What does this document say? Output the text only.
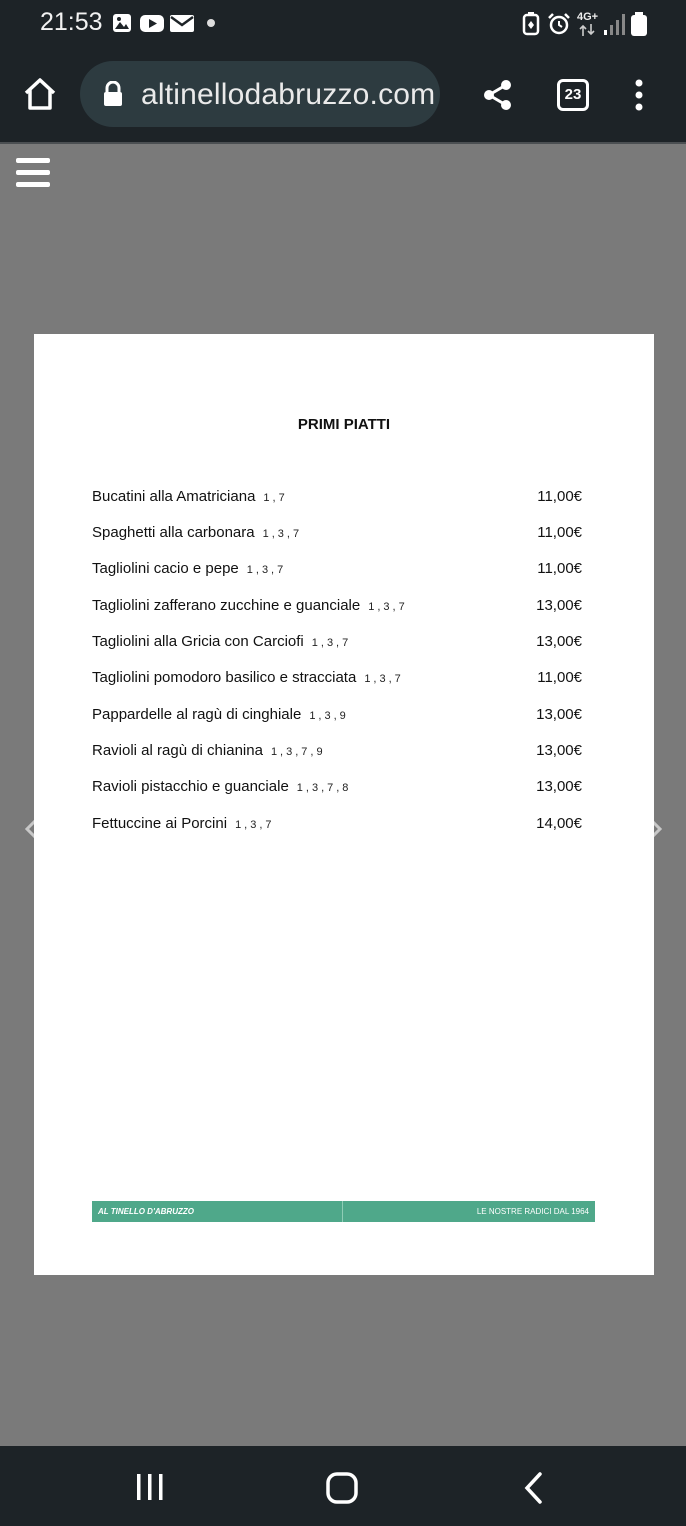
21:53	4G+
altinellodabruzzo.com	23
PRIMI PIATTI
Bucatini alla Amatriciana 1,7	11,00€
Spaghetti alla carbonara 1,3,7	11,00€
Tagliolini cacio e pepe 1,3,7	11,00€
Tagliolini zafferano zucchine e guanciale 1,3,7	13,00€
Tagliolini alla Gricia con Carciofi 1,3,7	13,00€
Tagliolini pomodoro basilico e stracciata 1,3,7	11,00€
Pappardelle al ragù di cinghiale 1,3,9	13,00€
Ravioli al ragù di chianina 1,3,7,9	13,00€
Ravioli pistacchio e guanciale 1,3,7,8	13,00€
Fettuccine ai Porcini 1,3,7	14,00€
AL TINELLO D'ABRUZZO	LE NOSTRE RADICI DAL 1964
